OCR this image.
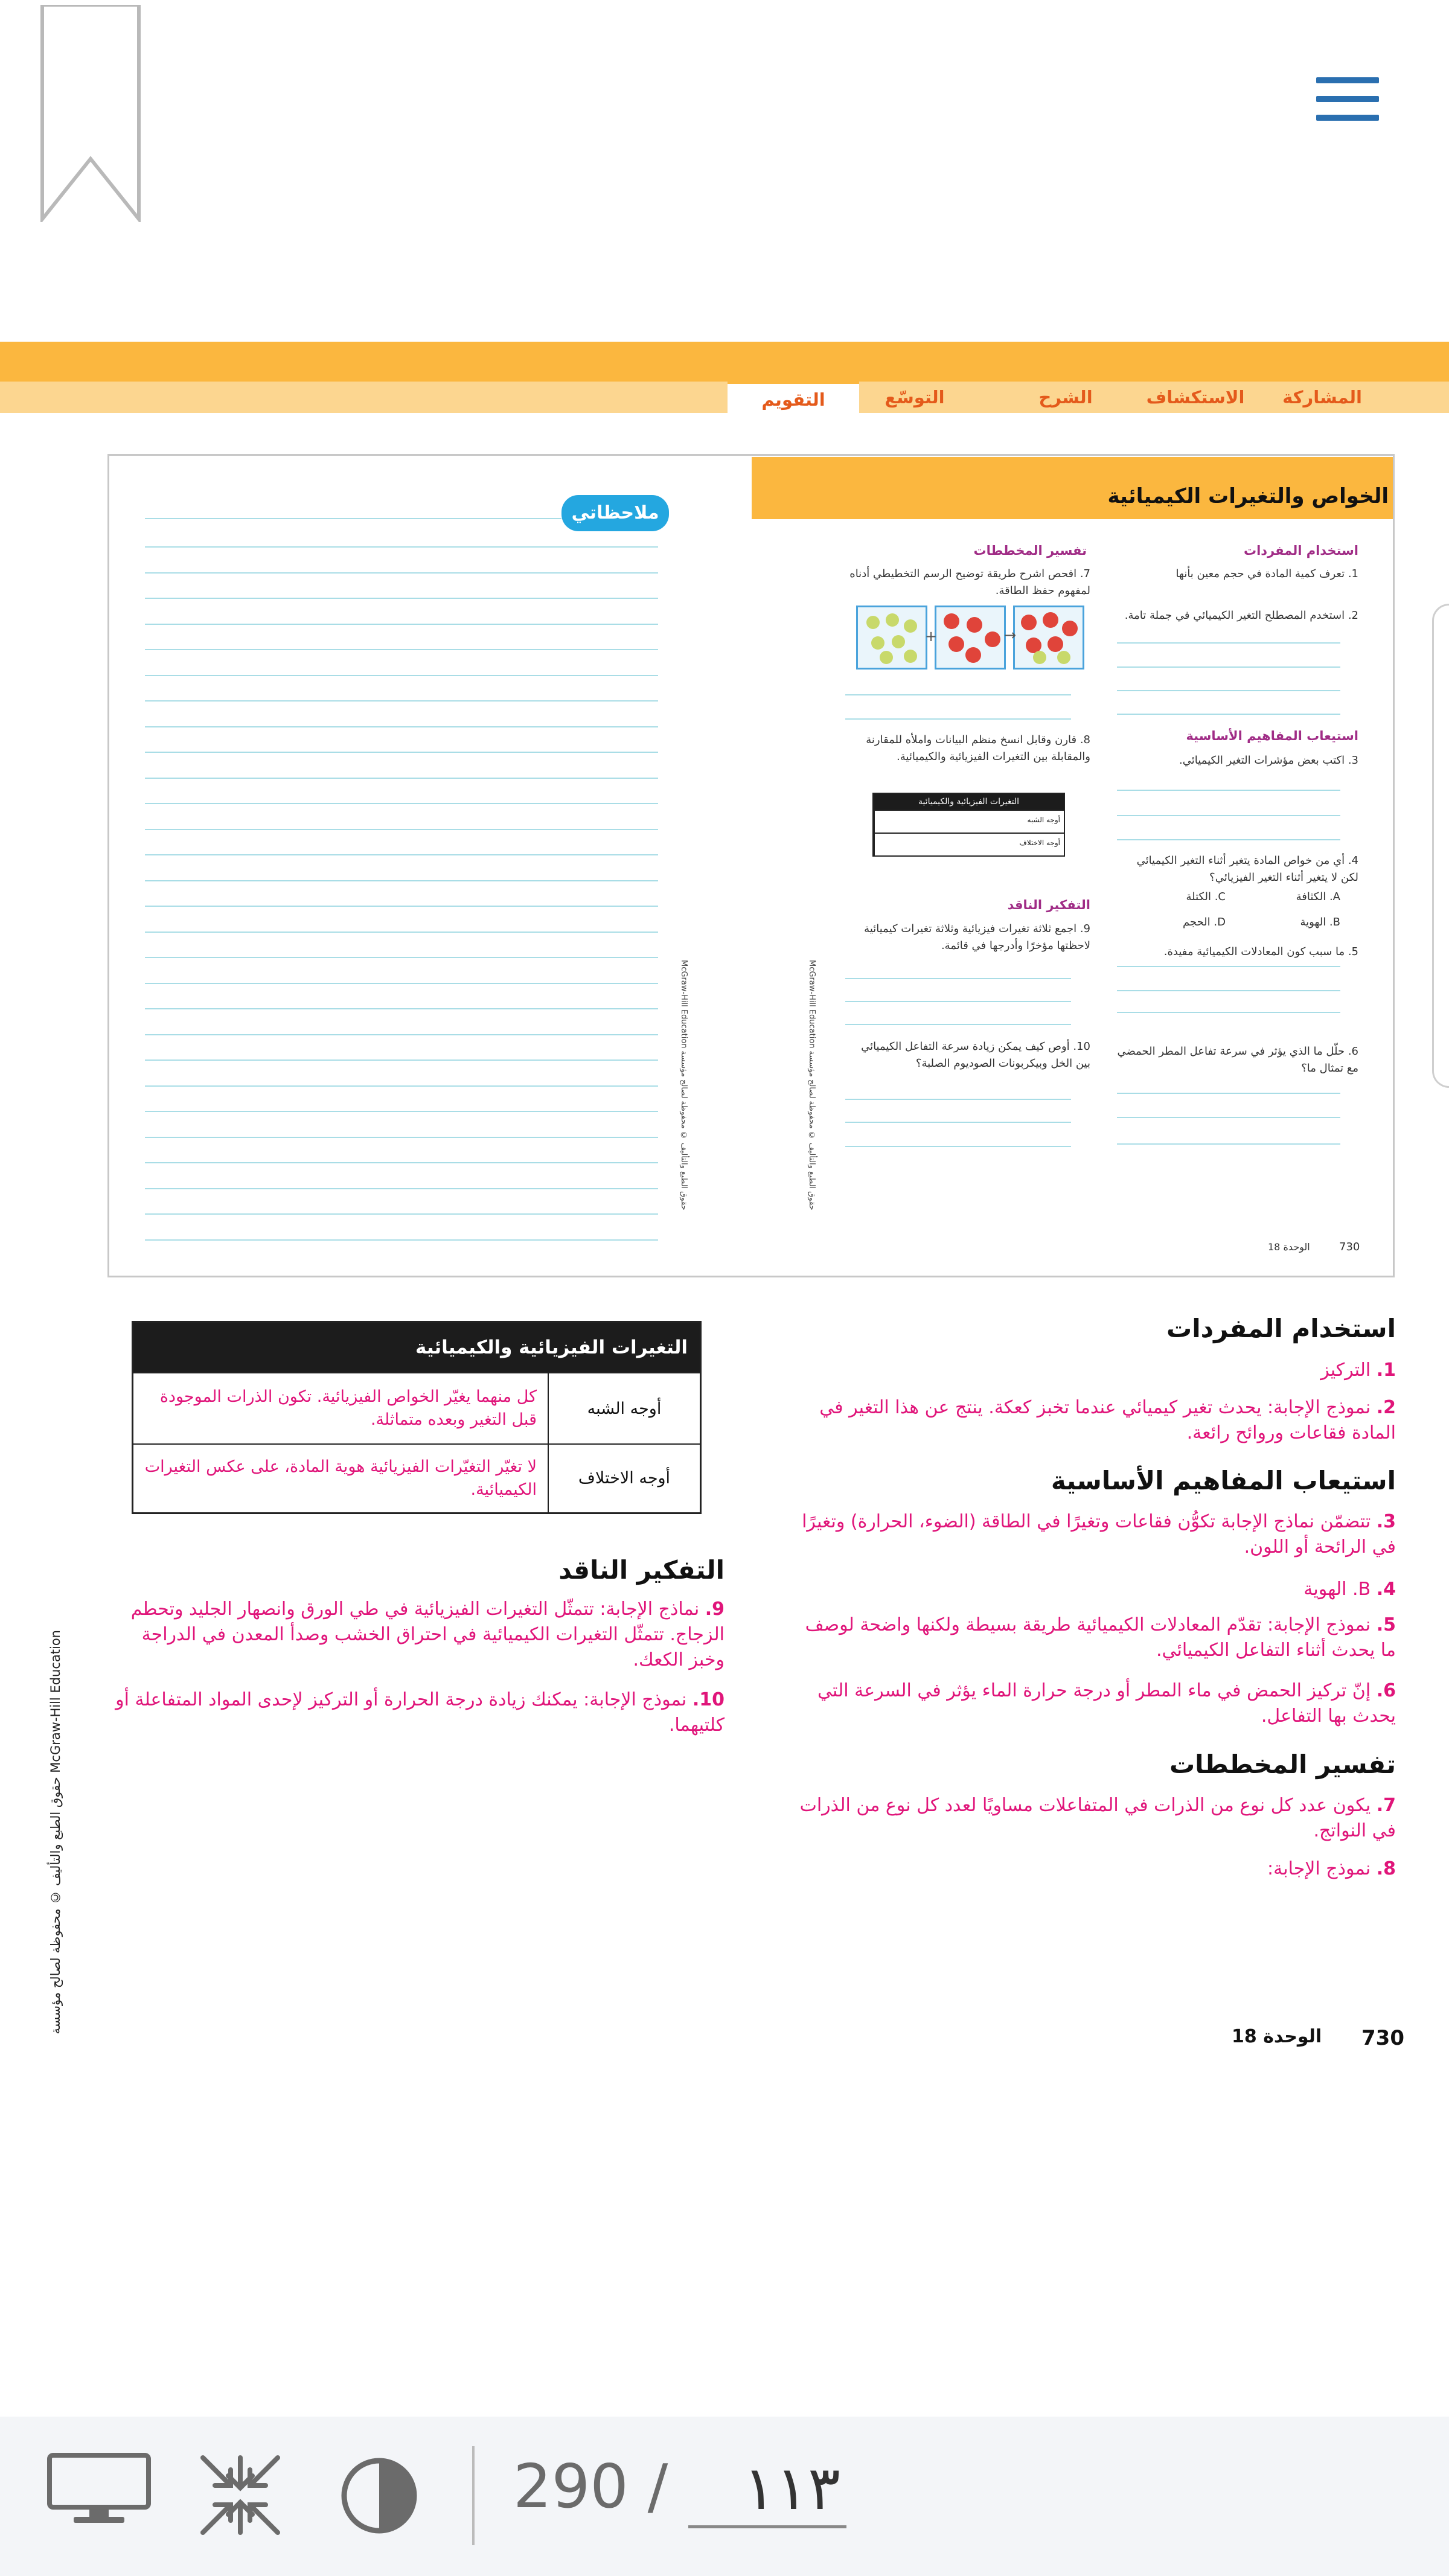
المشاركة
الاستكشاف
الشرح
التوسّع
التقويم
الخواص والتغيرات الكيميائية
ملاحظاتي
استخدام المفردات
1. تعرف كمية المادة في حجم معين بأنها
2. استخدم المصطلح التغير الكيميائي في جملة تامة.
استيعاب المفاهيم الأساسية
3. اكتب بعض مؤشرات التغير الكيميائي.
4. أي من خواص المادة يتغير أثناء التغير الكيميائي لكن لا يتغير أثناء التغير الفيزيائي؟
A. الكثافة
C. الكتلة
B. الهوية
D. الحجم
5. ما سبب كون المعادلات الكيميائية مفيدة.
6. حلّل ما الذي يؤثر في سرعة تفاعل المطر الحمضي مع تمثال ما؟
تفسير المخططات
7. افحص اشرح طريقة توضيح الرسم التخطيطي أدناه لمفهوم حفظ الطاقة.
+	→
8. قارن وقابل انسخ منظم البيانات واملأه للمقارنة والمقابلة بين التغيرات الفيزيائية والكيميائية.
التغيرات الفيزيائية والكيميائية
أوجه الشبه
أوجه الاختلاف
التفكير الناقد
9. اجمع ثلاثة تغيرات فيزيائية وثلاثة تغيرات كيميائية لاحظتها مؤخرًا وأدرجها في قائمة.
10. أوص كيف يمكن زيادة سرعة التفاعل الكيميائي بين الخل وبيكربونات الصوديوم الصلبة؟
McGraw-Hill Education حقوق الطبع والتأليف © محفوظة لصالح مؤسسة
McGraw-Hill Education حقوق الطبع والتأليف © محفوظة لصالح مؤسسة
الوحدة 18	730
استخدام المفردات
1. التركيز
2. نموذج الإجابة: يحدث تغير كيميائي عندما تخبز كعكة. ينتج عن هذا التغير في المادة فقاعات وروائح رائعة.
استيعاب المفاهيم الأساسية
3. تتضمّن نماذج الإجابة تكوُّن فقاعات وتغيرًا في الطاقة (الضوء، الحرارة) وتغيرًا في الرائحة أو اللون.
4. B. الهوية
5. نموذج الإجابة: تقدّم المعادلات الكيميائية طريقة بسيطة ولكنها واضحة لوصف ما يحدث أثناء التفاعل الكيميائي.
6. إنّ تركيز الحمض في ماء المطر أو درجة حرارة الماء يؤثر في السرعة التي يحدث بها التفاعل.
تفسير المخططات
7. يكون عدد كل نوع من الذرات في المتفاعلات مساويًا لعدد كل نوع من الذرات في النواتج.
8. نموذج الإجابة:
التغيرات الفيزيائية والكيميائية	
أوجه الشبه	كل منهما يغيّر الخواص الفيزيائية. تكون الذرات الموجودة قبل التغير وبعده متماثلة.
أوجه الاختلاف	لا تغيّر التغيّرات الفيزيائية هوية المادة، على عكس التغيرات الكيميائية.
التفكير الناقد
9. نماذج الإجابة: تتمثّل التغيرات الفيزيائية في طي الورق وانصهار الجليد وتحطم الزجاج. تتمثّل التغيرات الكيميائية في احتراق الخشب وصدأ المعدن في الدراجة وخبز الكعك.
10. نموذج الإجابة: يمكنك زيادة درجة الحرارة أو التركيز لإحدى المواد المتفاعلة أو كلتيهما.
حقوق الطبع والتأليف © محفوظة لصالح مؤسسة McGraw-Hill Education
الوحدة 18 730
290 /
١١٣
